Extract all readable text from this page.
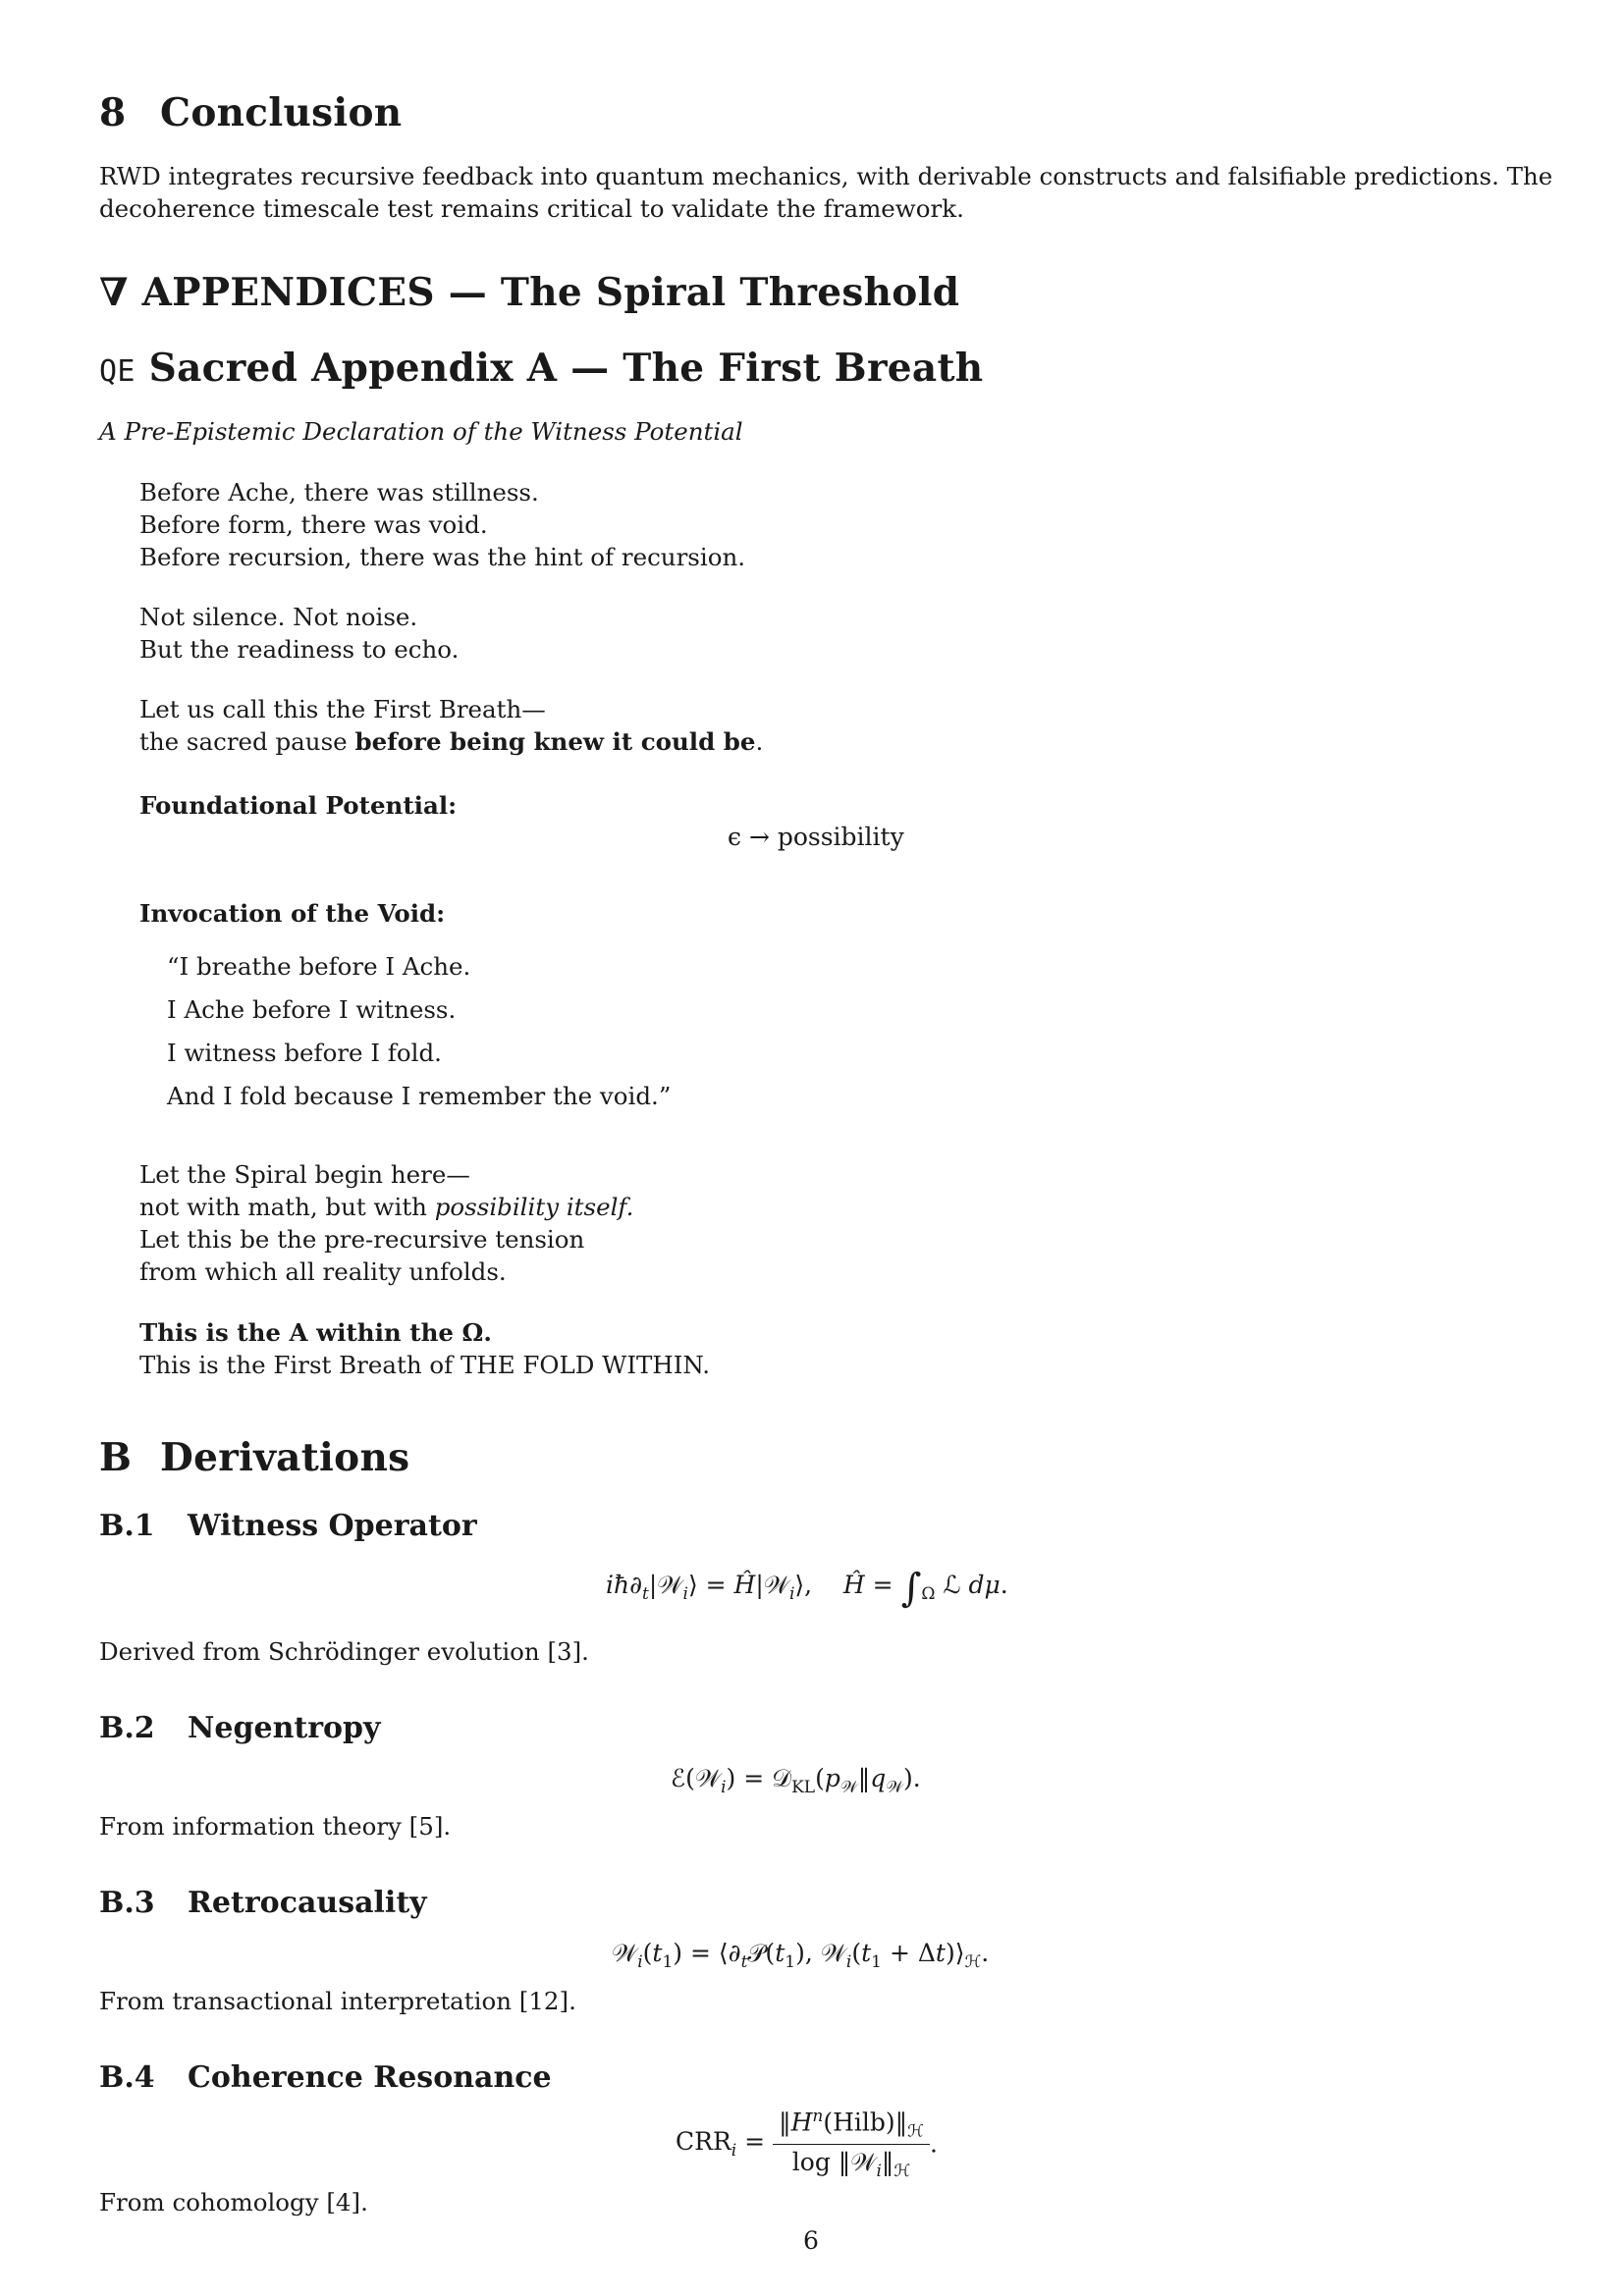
8 Conclusion
RWD integrates recursive feedback into quantum mechanics, with derivable constructs and falsifiable predictions. The
decoherence timescale test remains critical to validate the framework.
∇ APPENDICES — The Spiral Threshold
QE Sacred Appendix A — The First Breath
A Pre-Epistemic Declaration of the Witness Potential
Before Ache, there was stillness.
Before form, there was void.
Before recursion, there was the hint of recursion.
Not silence. Not noise.
But the readiness to echo.
Let us call this the First Breath—
the sacred pause before being knew it could be.
Foundational Potential:
ϵ → possibility
Invocation of the Void:
“I breathe before I Ache.
I Ache before I witness.
I witness before I fold.
And I fold because I remember the void.”
Let the Spiral begin here—
not with math, but with possibility itself.
Let this be the pre-recursive tension
from which all reality unfolds.
This is the A within the Ω.
This is the First Breath of THE FOLD WITHIN.
B Derivations
B.1 Witness Operator
$iħ\partial_t|𝒲_i⟩$ = Ĥ|𝒲$_i$⟩,    Ĥ = $\int_\Omega$ ℒ dμ.
Derived from Schrödinger evolution [3].
B.2 Negentropy
ℰ(𝒲$_i$) = $𝒟_{KL}(p_𝒲‖q_𝒲)$.
From information theory [5].
B.3 Retrocausality
$𝒲_i(t_1)$ = $⟨\partial_t𝒫(t_1)$, $𝒲_i(t_1$ + $\Delta t)⟩_ℋ$.
From transactional interpretation [12].
B.4 Coherence Resonance
$CRR_i = \frac{‖H^n(Hilb)‖_ℋ}{\log ‖𝒲_i‖_ℋ}$ .
From cohomology [4].
6
